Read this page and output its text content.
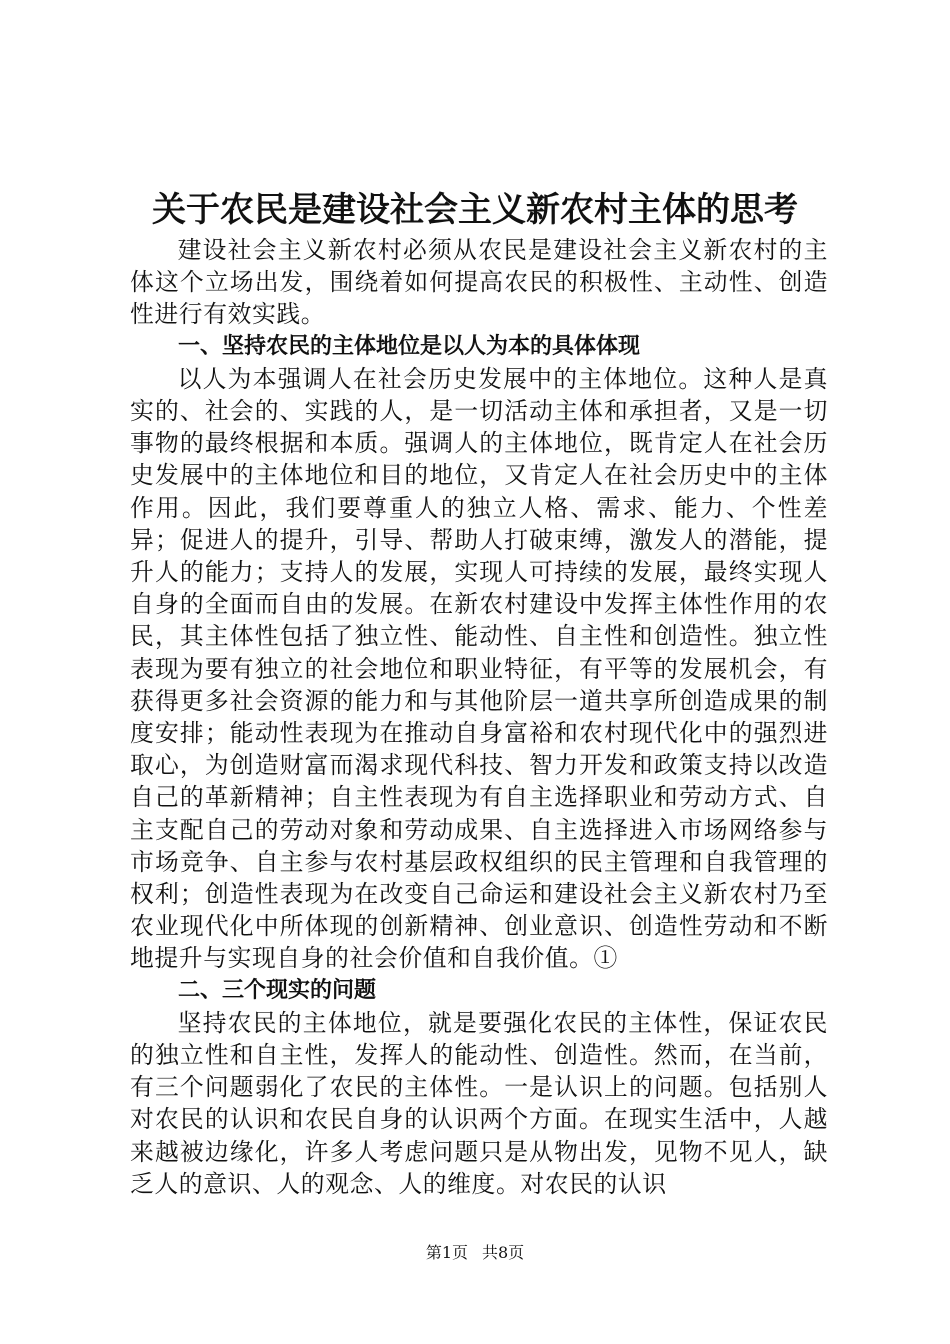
关于农民是建设社会主义新农村主体的思考

建设社会主义新农村必须从农民是建设社会主义新农村的主体这个立场出发，围绕着如何提高农民的积极性、主动性、创造性进行有效实践。

一、坚持农民的主体地位是以人为本的具体体现

以人为本强调人在社会历史发展中的主体地位。这种人是真实的、社会的、实践的人，是一切活动主体和承担者，又是一切事物的最终根据和本质。强调人的主体地位，既肯定人在社会历史发展中的主体地位和目的地位，又肯定人在社会历史中的主体作用。因此，我们要尊重人的独立人格、需求、能力、个性差异；促进人的提升，引导、帮助人打破束缚，激发人的潜能，提升人的能力；支持人的发展，实现人可持续的发展，最终实现人自身的全面而自由的发展。在新农村建设中发挥主体性作用的农民，其主体性包括了独立性、能动性、自主性和创造性。独立性表现为要有独立的社会地位和职业特征，有平等的发展机会，有获得更多社会资源的能力和与其他阶层一道共享所创造成果的制度安排；能动性表现为在推动自身富裕和农村现代化中的强烈进取心，为创造财富而渴求现代科技、智力开发和政策支持以改造自己的革新精神；自主性表现为有自主选择职业和劳动方式、自主支配自己的劳动对象和劳动成果、自主选择进入市场网络参与市场竞争、自主参与农村基层政权组织的民主管理和自我管理的权利；创造性表现为在改变自己命运和建设社会主义新农村乃至农业现代化中所体现的创新精神、创业意识、创造性劳动和不断地提升与实现自身的社会价值和自我价值。①

二、三个现实的问题

坚持农民的主体地位，就是要强化农民的主体性，保证农民的独立性和自主性，发挥人的能动性、创造性。然而，在当前，有三个问题弱化了农民的主体性。一是认识上的问题。包括别人对农民的认识和农民自身的认识两个方面。在现实生活中，人越来越被边缘化，许多人考虑问题只是从物出发，见物不见人，缺乏人的意识、人的观念、人的维度。对农民的认识

第1页 共8页
